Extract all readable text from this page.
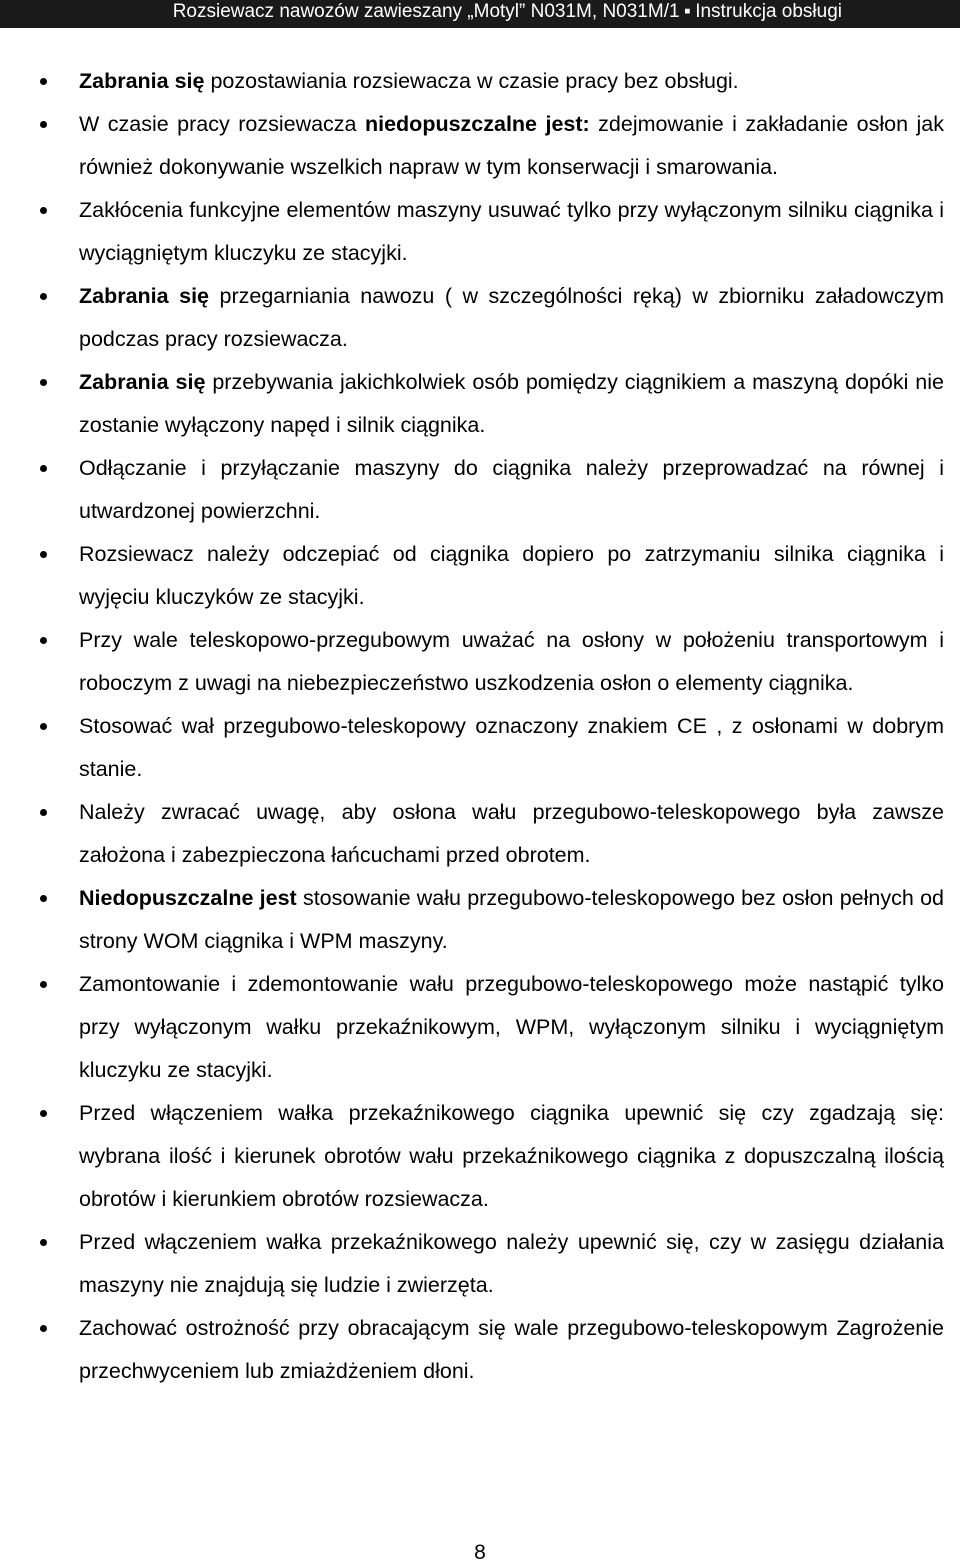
Rozsiewacz nawozów zawieszany „Motyl” N031M, N031M/1 ▪ Instrukcja obsługi
Zabrania się pozostawiania rozsiewacza w czasie pracy bez obsługi.
W czasie pracy rozsiewacza niedopuszczalne jest: zdejmowanie i zakładanie osłon jak również dokonywanie wszelkich napraw w tym konserwacji i smarowania.
Zakłócenia funkcyjne elementów maszyny usuwać tylko przy wyłączonym silniku ciągnika i wyciągniętym kluczyku ze stacyjki.
Zabrania się przegarniania nawozu ( w szczególności ręką) w zbiorniku załadowczym podczas pracy rozsiewacza.
Zabrania się przebywania jakichkolwiek osób pomiędzy ciągnikiem a maszyną dopóki nie zostanie wyłączony napęd i silnik ciągnika.
Odłączanie i przyłączanie maszyny do ciągnika należy przeprowadzać na równej i utwardzonej powierzchni.
Rozsiewacz należy odczepiać od ciągnika dopiero po zatrzymaniu silnika ciągnika i wyjęciu kluczyków ze stacyjki.
Przy wale teleskopowo-przegubowym uważać na osłony w położeniu transportowym i roboczym z uwagi na niebezpieczeństwo uszkodzenia osłon o elementy ciągnika.
Stosować wał przegubowo-teleskopowy oznaczony znakiem CE , z osłonami w dobrym stanie.
Należy zwracać uwagę, aby osłona wału przegubowo-teleskopowego była zawsze założona i zabezpieczona łańcuchami przed obrotem.
Niedopuszczalne jest stosowanie wału przegubowo-teleskopowego bez osłon pełnych od strony WOM ciągnika i WPM maszyny.
Zamontowanie i zdemontowanie wału przegubowo-teleskopowego może nastąpić tylko przy wyłączonym wałku przekaźnikowym, WPM, wyłączonym silniku i wyciągniętym kluczyku ze stacyjki.
Przed włączeniem wałka przekaźnikowego ciągnika upewnić się czy zgadzają się: wybrana ilość i kierunek obrotów wału przekaźnikowego ciągnika z dopuszczalną ilością obrotów i kierunkiem obrotów rozsiewacza.
Przed włączeniem wałka przekaźnikowego należy upewnić się, czy w zasięgu działania maszyny nie znajdują się ludzie i zwierzęta.
Zachować ostrożność przy obracającym się wale przegubowo-teleskopowym Zagrożenie przechwyceniem lub zmiażdżeniem dłoni.
8
